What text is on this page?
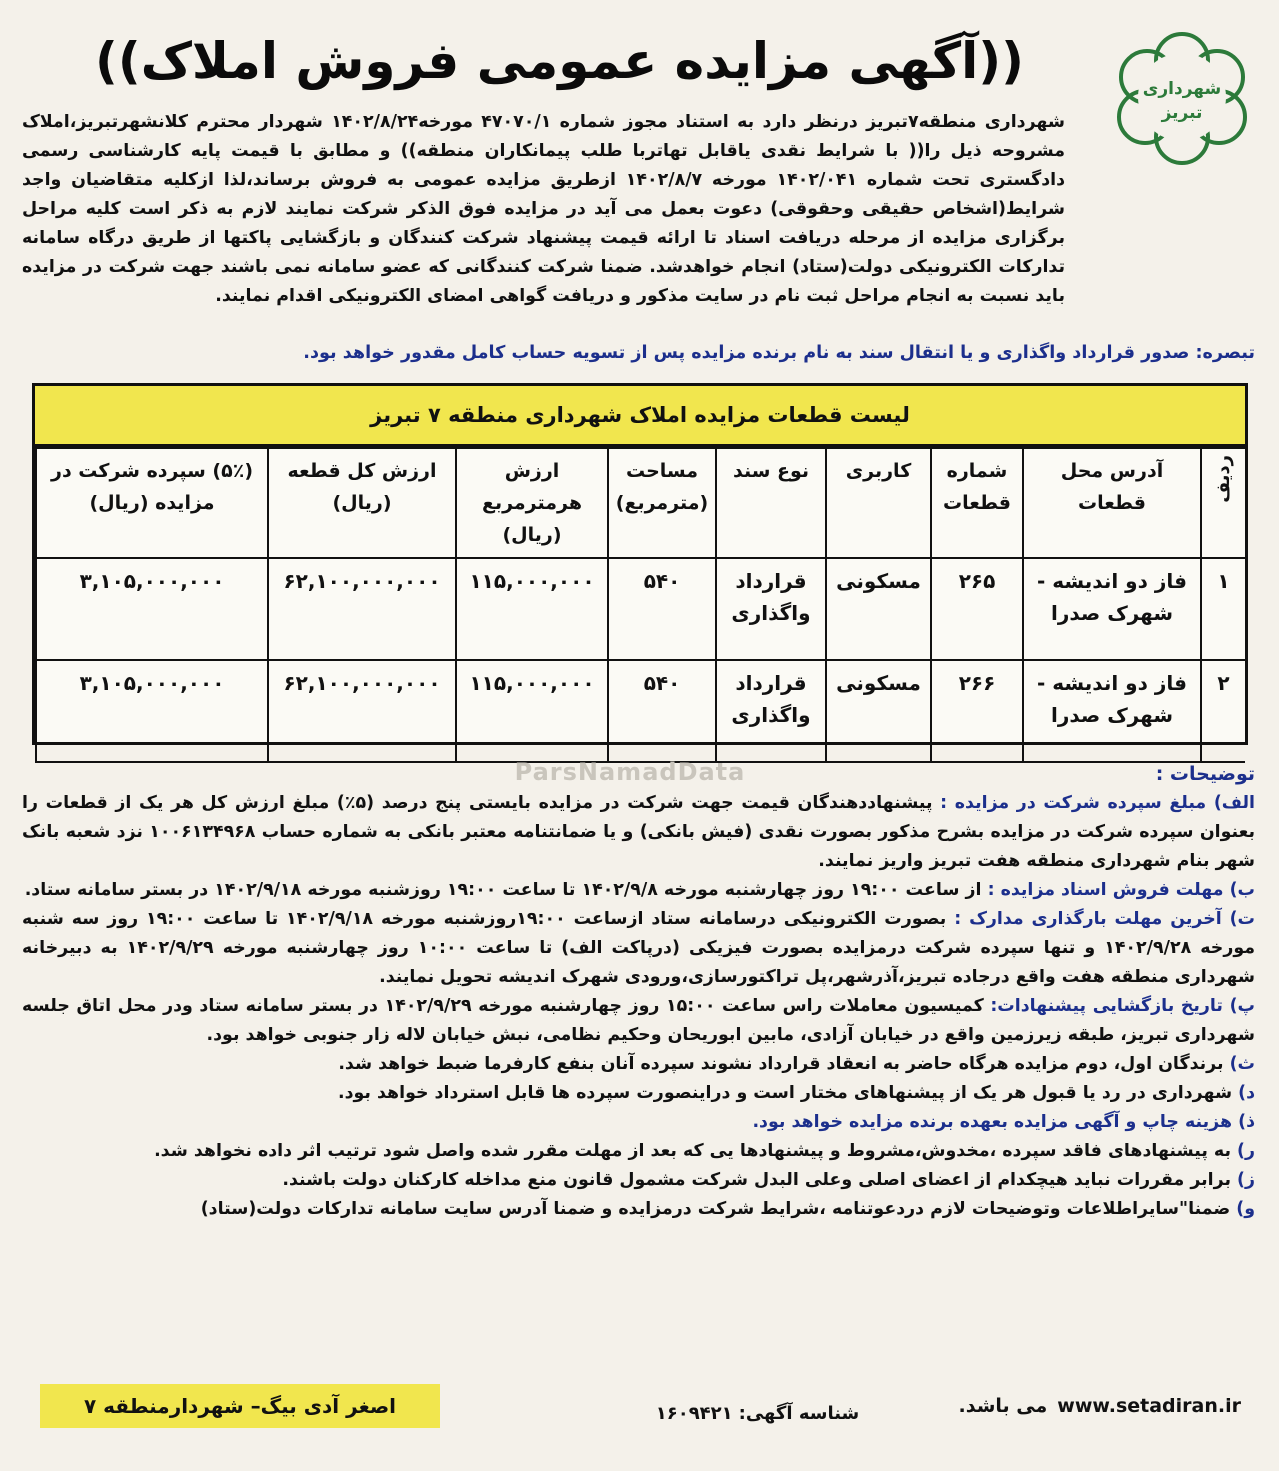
شهرداری
تبریز
((آگهی مزایده عمومی فروش املاک))

شهرداری منطقه۷تبریز درنظر دارد به استناد مجوز شماره ۴۷۰۷۰/۱ مورخه۱۴۰۲/۸/۲۴ شهردار محترم کلانشهرتبریز،املاک مشروحه ذیل را(( با شرایط نقدی یاقابل تهاتربا طلب پیمانکاران منطقه)) و مطابق با قیمت پایه کارشناسی رسمی دادگستری تحت شماره ۱۴۰۲/۰۴۱ مورخه ۱۴۰۲/۸/۷ ازطریق مزایده عمومی به فروش برساند،لذا ازکلیه متقاضیان واجد شرایط(اشخاص حقیقی وحقوقی) دعوت بعمل می آید در مزایده فوق الذکر شرکت نمایند لازم به ذکر است کلیه مراحل برگزاری مزایده از مرحله دریافت اسناد تا ارائه قیمت پیشنهاد شرکت کنندگان و بازگشایی پاکتها از طریق درگاه سامانه تدارکات الکترونیکی دولت(ستاد) انجام خواهدشد. ضمنا شرکت کنندگانی که عضو سامانه نمی باشند جهت شرکت در مزایده باید نسبت به انجام مراحل ثبت نام در سایت مذکور و دریافت گواهی امضای الکترونیکی اقدام نمایند.

تبصره: صدور قرارداد واگذاری و یا انتقال سند به نام برنده مزایده پس از تسویه حساب کامل مقدور خواهد بود.
لیست قطعات مزایده املاک شهرداری منطقه ۷ تبریز
ردیف	آدرس محل قطعات	شماره قطعات	کاربری	نوع سند	مساحت (مترمربع)	ارزش هرمترمربع (ریال)	ارزش کل قطعه (ریال)	(۵٪) سپرده شرکت در مزایده (ریال)
۱	فاز دو اندیشه - شهرک صدرا	۲۶۵	مسکونی	قرارداد واگذاری	۵۴۰	۱۱۵,۰۰۰,۰۰۰	۶۲,۱۰۰,۰۰۰,۰۰۰	۳,۱۰۵,۰۰۰,۰۰۰
۲	فاز دو اندیشه - شهرک صدرا	۲۶۶	مسکونی	قرارداد واگذاری	۵۴۰	۱۱۵,۰۰۰,۰۰۰	۶۲,۱۰۰,۰۰۰,۰۰۰	۳,۱۰۵,۰۰۰,۰۰۰
ParsNamadData	توضیحات :

الف) مبلغ سپرده شرکت در مزایده : پیشنهاددهندگان قیمت جهت شرکت در مزایده بایستی پنج درصد (۵٪) مبلغ ارزش کل هر یک از قطعات را بعنوان سپرده شرکت در مزایده بشرح مذکور بصورت نقدی (فیش بانکی) و یا ضمانتنامه معتبر بانکی به شماره حساب ۱۰۰۶۱۳۴۹۶۸ نزد شعبه بانک شهر بنام شهرداری منطقه هفت تبریز واریز نمایند.

ب) مهلت فروش اسناد مزایده : از ساعت ۱۹:۰۰ روز چهارشنبه مورخه ۱۴۰۲/۹/۸ تا ساعت ۱۹:۰۰ روزشنبه مورخه ۱۴۰۲/۹/۱۸ در بستر سامانه ستاد.

ت) آخرین مهلت بارگذاری مدارک : بصورت الکترونیکی درسامانه ستاد ازساعت ۱۹:۰۰روزشنبه مورخه ۱۴۰۲/۹/۱۸ تا ساعت ۱۹:۰۰ روز سه شنبه مورخه ۱۴۰۲/۹/۲۸ و تنها سپرده شرکت درمزایده بصورت فیزیکی (درپاکت الف) تا ساعت ۱۰:۰۰ روز چهارشنبه مورخه ۱۴۰۲/۹/۲۹ به دبیرخانه شهرداری منطقه هفت واقع درجاده تبریز،آذرشهر،پل تراکتورسازی،ورودی شهرک اندیشه تحویل نمایند.

پ) تاریخ بازگشایی پیشنهادات: کمیسیون معاملات راس ساعت ۱۵:۰۰ روز چهارشنبه مورخه ۱۴۰۲/۹/۲۹ در بستر سامانه ستاد ودر محل اتاق جلسه شهرداری تبریز، طبقه زیرزمین واقع در خیابان آزادی، مابین ابوریحان وحکیم نظامی، نبش خیابان لاله زار جنوبی خواهد بود.

ث) برندگان اول، دوم مزایده هرگاه حاضر به انعقاد قرارداد نشوند سپرده آنان بنفع کارفرما ضبط خواهد شد.

د) شهرداری در رد یا قبول هر یک از پیشنهاهای مختار است و دراینصورت سپرده ها قابل استرداد خواهد بود.

ذ) هزینه چاپ و آگهی مزایده بعهده برنده مزایده خواهد بود.

ر) به پیشنهادهای فاقد سپرده ،مخدوش،مشروط و پیشنهادها یی که بعد از مهلت مقرر شده واصل شود ترتیب اثر داده نخواهد شد.

ز) برابر مقررات نباید هیچکدام از اعضای اصلی وعلی البدل شرکت مشمول قانون منع مداخله کارکنان دولت باشند.

و) ضمنا"سایراطلاعات وتوضیحات لازم دردعوتنامه ،شرایط شرکت درمزایده و ضمنا آدرس سایت سامانه تدارکات دولت(ستاد)

www.setadiran.ir
می باشد.
شناسه آگهی:
۱۶۰۹۴۲۱
اصغر آدی بیگ– شهردارمنطقه ۷
